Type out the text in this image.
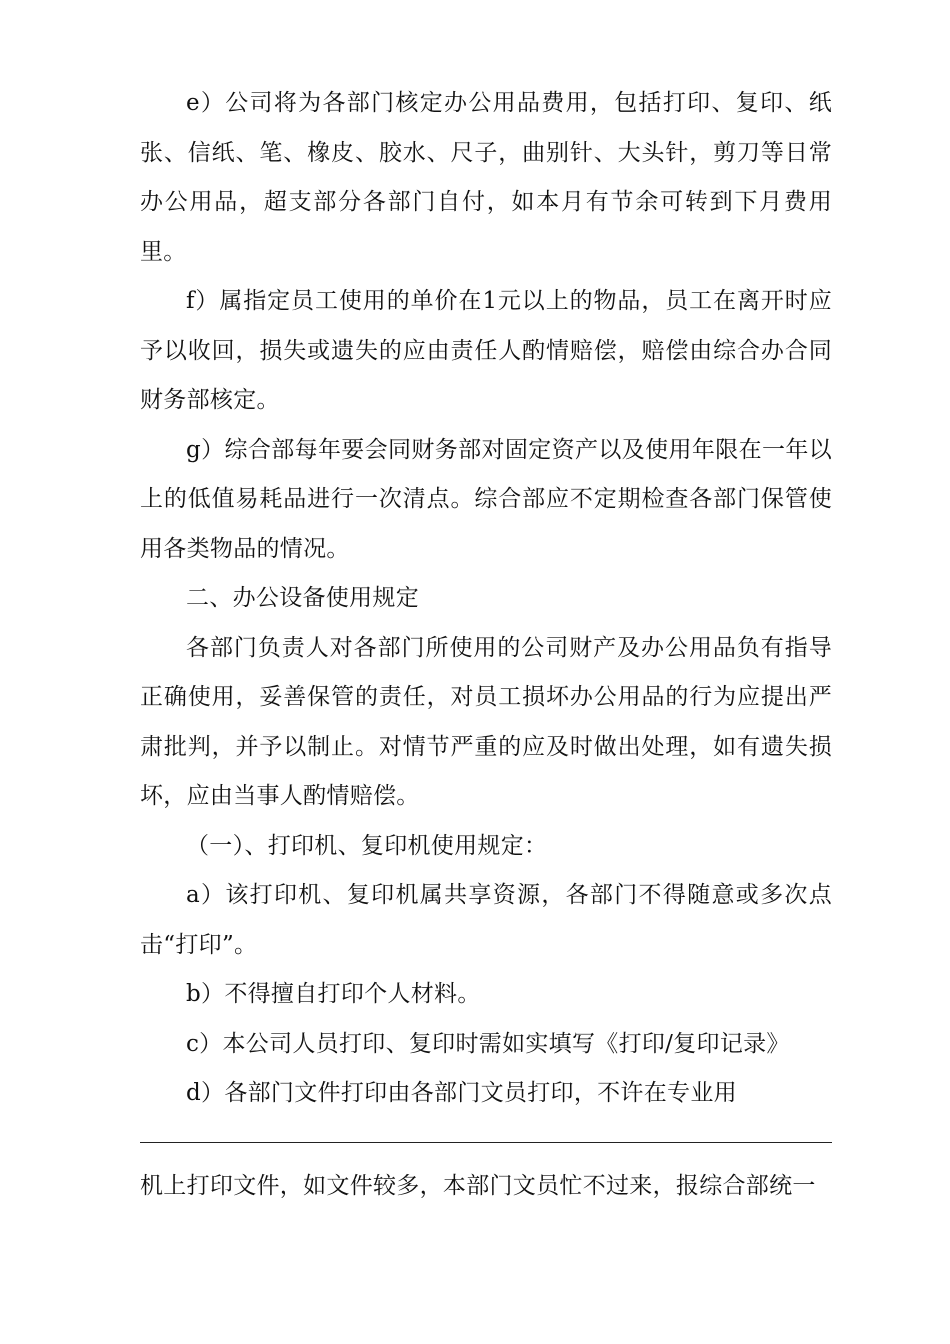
e）公司将为各部门核定办公用品费用，包括打印、复印、纸张、信纸、笔、橡皮、胶水、尺子，曲别针、大头针，剪刀等日常办公用品，超支部分各部门自付，如本月有节余可转到下月费用里。

f）属指定员工使用的单价在1元以上的物品，员工在离开时应予以收回，损失或遗失的应由责任人酌情赔偿，赔偿由综合办合同财务部核定。

g）综合部每年要会同财务部对固定资产以及使用年限在一年以上的低值易耗品进行一次清点。综合部应不定期检查各部门保管使用各类物品的情况。

二、办公设备使用规定

各部门负责人对各部门所使用的公司财产及办公用品负有指导正确使用，妥善保管的责任，对员工损坏办公用品的行为应提出严肃批判，并予以制止。对情节严重的应及时做出处理，如有遗失损坏，应由当事人酌情赔偿。

（一）、打印机、复印机使用规定：

a）该打印机、复印机属共享资源，各部门不得随意或多次点击“打印”。

b）不得擅自打印个人材料。

c）本公司人员打印、复印时需如实填写《打印/复印记录》

d）各部门文件打印由各部门文员打印，不许在专业用

机上打印文件，如文件较多，本部门文员忙不过来，报综合部统一
